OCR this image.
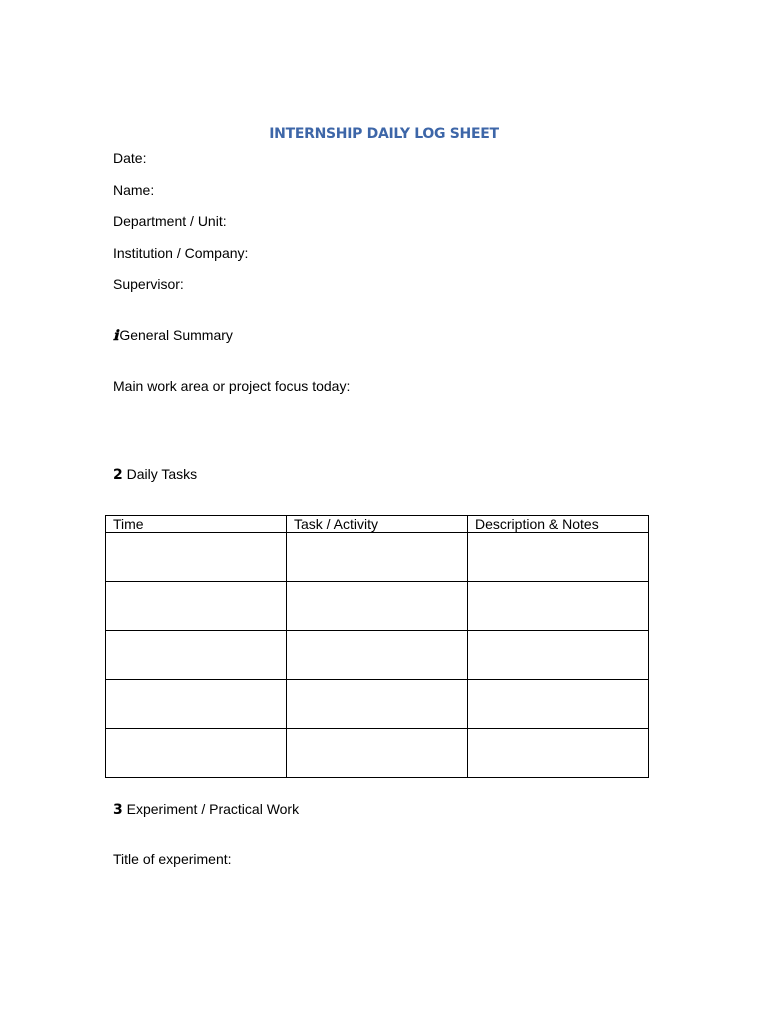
INTERNSHIP DAILY LOG SHEET
Date:
Name:
Department / Unit:
Institution / Company:
Supervisor:
ℹGeneral Summary
Main work area or project focus today:
2 Daily Tasks
Time	Task / Activity	Description & Notes

3 Experiment / Practical Work
Title of experiment:
